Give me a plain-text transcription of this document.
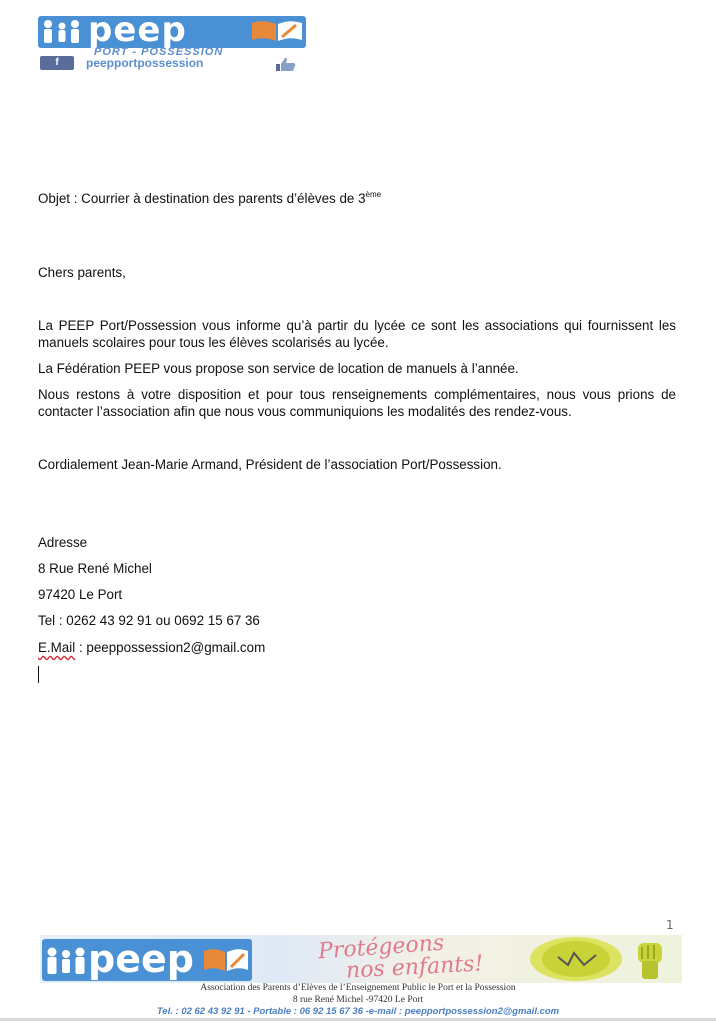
peep
PORT - POSSESSION
f	peepportpossession
Objet : Courrier à destination des parents d’élèves de 3ème
Chers parents,
La PEEP Port/Possession vous informe qu’à partir du lycée ce sont les associations qui fournissent les manuels scolaires pour tous les élèves scolarisés au lycée.
La Fédération PEEP vous propose son service de location de manuels à l’année.
Nous restons à votre disposition et pour tous renseignements complémentaires, nous vous prions de contacter l’association afin que nous vous communiquions les modalités des rendez-vous.
Cordialement Jean-Marie Armand, Président de l’association Port/Possession.
Adresse
8 Rue René Michel
97420 Le Port
Tel : 0262 43 92 91 ou 0692 15 67 36
E.Mail : peeppossession2@gmail.com
1
peep	Protégeons
nos enfants!
Association des Parents d’Elèves de l’Enseignement Public le Port et la Possession
8 rue René Michel -97420 Le Port
Tel. : 02 62 43 92 91 - Portable : 06 92 15 67 36 -e-mail : peepportpossession2@gmail.com
